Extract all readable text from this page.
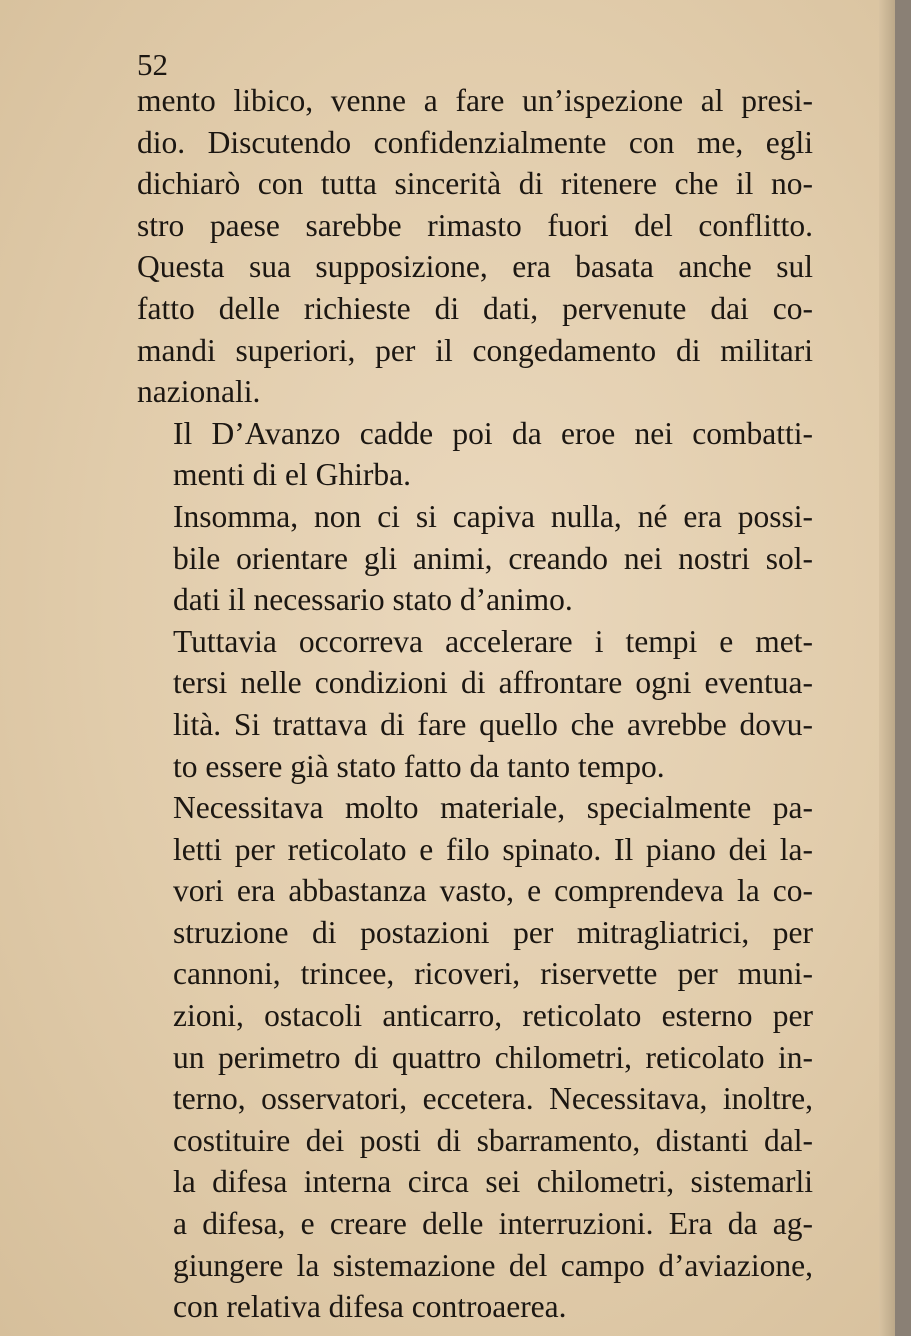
52

mento libico, venne a fare un’ispezione al presi-
dio. Discutendo confidenzialmente con me, egli
dichiarò con tutta sincerità di ritenere che il no-
stro paese sarebbe rimasto fuori del conflitto.
Questa sua supposizione, era basata anche sul
fatto delle richieste di dati, pervenute dai co-
mandi superiori, per il congedamento di militari
nazionali.

Il D’Avanzo cadde poi da eroe nei combatti-
menti di el Ghirba.

Insomma, non ci si capiva nulla, né era possi-
bile orientare gli animi, creando nei nostri sol-
dati il necessario stato d’animo.

Tuttavia occorreva accelerare i tempi e met-
tersi nelle condizioni di affrontare ogni eventua-
lità. Si trattava di fare quello che avrebbe dovu-
to essere già stato fatto da tanto tempo.

Necessitava molto materiale, specialmente pa-
letti per reticolato e filo spinato. Il piano dei la-
vori era abbastanza vasto, e comprendeva la co-
struzione di postazioni per mitragliatrici, per
cannoni, trincee, ricoveri, riservette per muni-
zioni, ostacoli anticarro, reticolato esterno per
un perimetro di quattro chilometri, reticolato in-
terno, osservatori, eccetera. Necessitava, inoltre,
costituire dei posti di sbarramento, distanti dal-
la difesa interna circa sei chilometri, sistemarli
a difesa, e creare delle interruzioni. Era da ag-
giungere la sistemazione del campo d’aviazione,
con relativa difesa controaerea.
